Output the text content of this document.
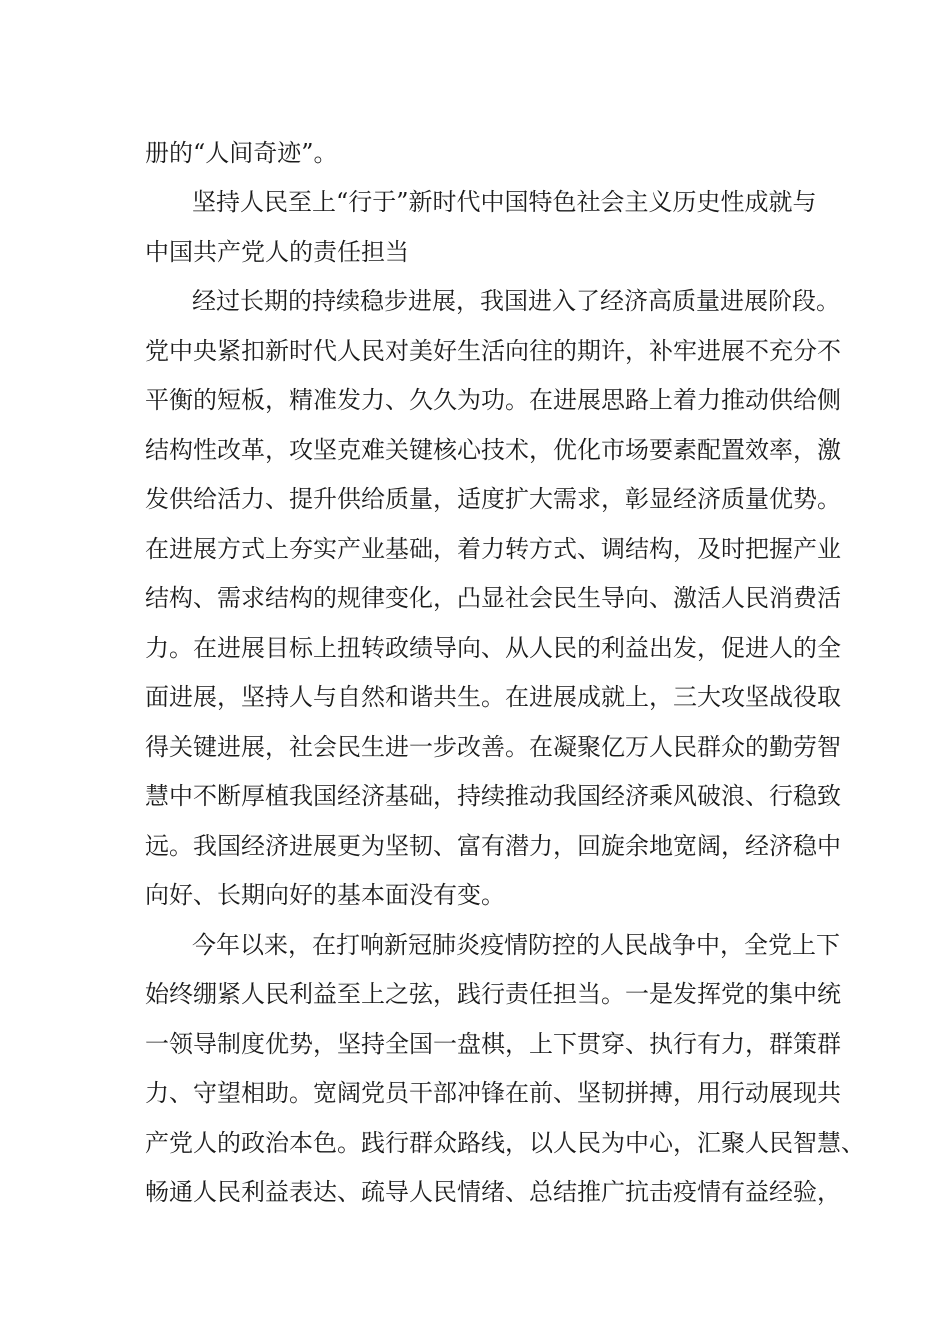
册的“人间奇迹”。
坚持人民至上“行于”新时代中国特色社会主义历史性成就与
中国共产党人的责任担当
经过长期的持续稳步进展，我国进入了经济高质量进展阶段。
党中央紧扣新时代人民对美好生活向往的期许，补牢进展不充分不
平衡的短板，精准发力、久久为功。在进展思路上着力推动供给侧
结构性改革，攻坚克难关键核心技术，优化市场要素配置效率，激
发供给活力、提升供给质量，适度扩大需求，彰显经济质量优势。
在进展方式上夯实产业基础，着力转方式、调结构，及时把握产业
结构、需求结构的规律变化，凸显社会民生导向、激活人民消费活
力。在进展目标上扭转政绩导向、从人民的利益出发，促进人的全
面进展，坚持人与自然和谐共生。在进展成就上，三大攻坚战役取
得关键进展，社会民生进一步改善。在凝聚亿万人民群众的勤劳智
慧中不断厚植我国经济基础，持续推动我国经济乘风破浪、行稳致
远。我国经济进展更为坚韧、富有潜力，回旋余地宽阔，经济稳中
向好、长期向好的基本面没有变。
今年以来，在打响新冠肺炎疫情防控的人民战争中，全党上下
始终绷紧人民利益至上之弦，践行责任担当。一是发挥党的集中统
一领导制度优势，坚持全国一盘棋，上下贯穿、执行有力，群策群
力、守望相助。宽阔党员干部冲锋在前、坚韧拼搏，用行动展现共
产党人的政治本色。践行群众路线，以人民为中心，汇聚人民智慧、
畅通人民利益表达、疏导人民情绪、总结推广抗击疫情有益经验，
